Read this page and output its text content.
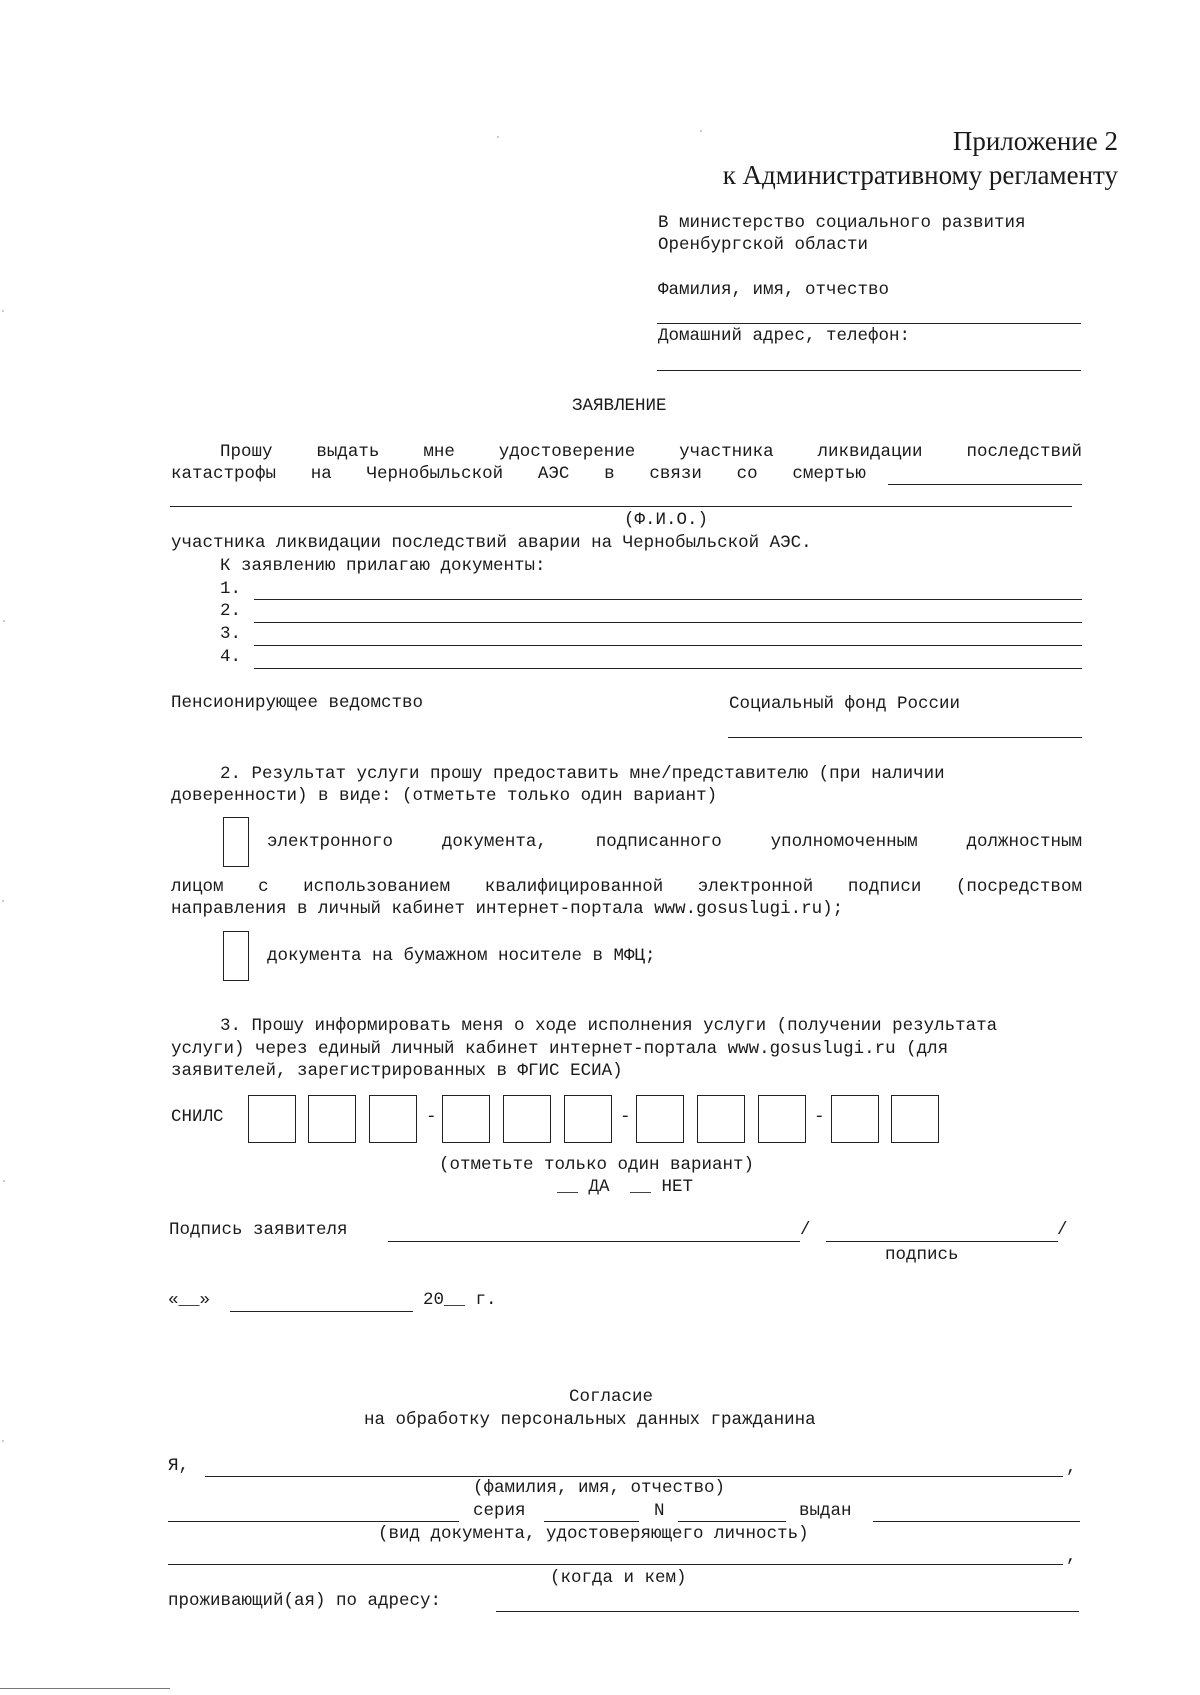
Приложение 2
к Административному регламенту
В министерство социального развития
Оренбургской области
Фамилия, имя, отчество
Домашний адрес, телефон:
ЗАЯВЛЕНИЕ
Прошу	выдать	мне	удостоверение	участника	ликвидации	последствий
катастрофы на Чернобыльской АЭС в связи со смертью
(Ф.И.О.)
участника ликвидации последствий аварии на Чернобыльской АЭС.
К заявлению прилагаю документы:
1.
2.
3.
4.
Пенсионирующее ведомство	Социальный фонд России
2. Результат услуги прошу предоставить мне/представителю (при наличии
доверенности) в виде: (отметьте только один вариант)
электронного	документа,	подписанного	уполномоченным	должностным
лицом с использованием квалифицированной электронной подписи (посредством
направления в личный кабинет интернет-портала www.gosuslugi.ru);
документа на бумажном носителе в МФЦ;
3. Прошу информировать меня о ходе исполнения услуги (получении результата
услуги) через единый личный кабинет интернет-портала www.gosuslugi.ru (для
заявителей, зарегистрированных в ФГИС ЕСИА)
СНИЛС	-	-	-
(отметьте только один вариант)
__ ДА __ НЕТ
Подпись заявителя	/	/
подпись
«__»	20__ г.
Согласие
на обработку персональных данных гражданина
Я,	,
(фамилия, имя, отчество)
серия	N	выдан
(вид документа, удостоверяющего личность)
,
(когда и кем)
проживающий(ая) по адресу:
